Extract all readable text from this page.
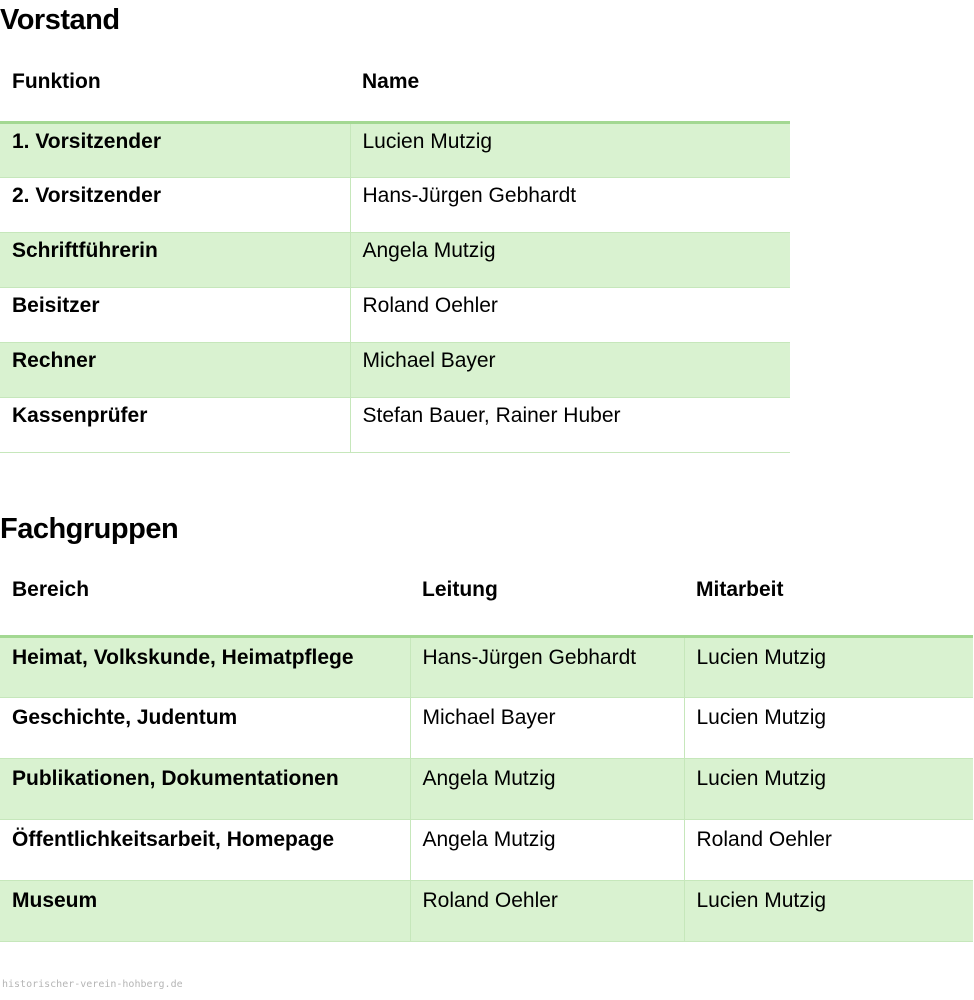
Vorstand
Funktion	Name
1. Vorsitzender	Lucien Mutzig
2. Vorsitzender	Hans-Jürgen Gebhardt
Schriftführerin	Angela Mutzig
Beisitzer	Roland Oehler
Rechner	Michael Bayer
Kassenprüfer	Stefan Bauer, Rainer Huber
Fachgruppen
Bereich	Leitung	Mitarbeit
Heimat, Volkskunde, Heimatpflege	Hans-Jürgen Gebhardt	Lucien Mutzig
Geschichte, Judentum	Michael Bayer	Lucien Mutzig
Publikationen, Dokumentationen	Angela Mutzig	Lucien Mutzig
Öffentlichkeitsarbeit, Homepage	Angela Mutzig	Roland Oehler
Museum	Roland Oehler	Lucien Mutzig
historischer-verein-hohberg.de
